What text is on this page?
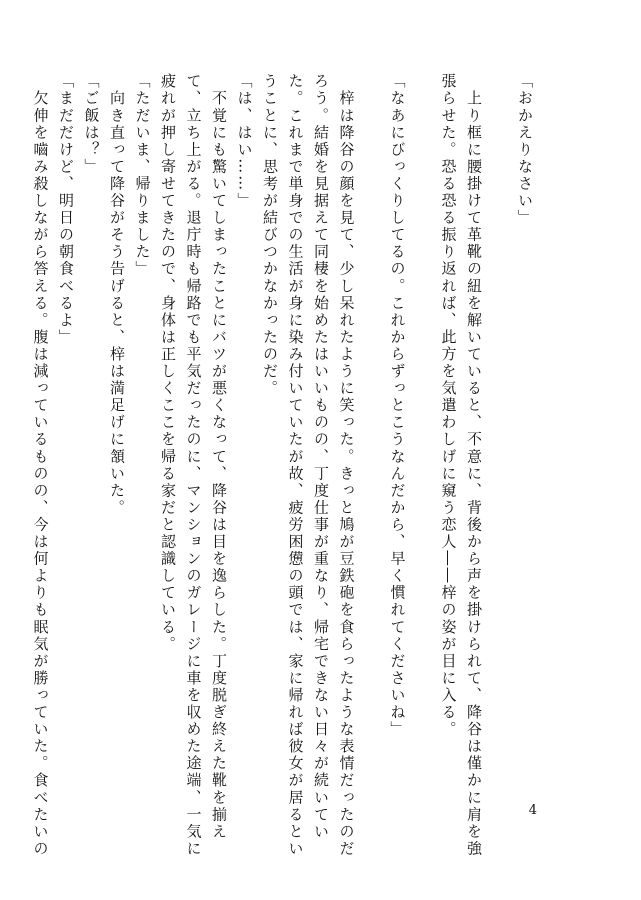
「おかえりなさい」
　上り框に腰掛けて革靴の紐を解いていると、不意に、背後から声を掛けられて、降谷は僅かに肩を強
張らせた。恐る恐る振り返れば、此方を気遣わしげに窺う恋人――梓の姿が目に入る。
「なあにびっくりしてるの。これからずっとこうなんだから、早く慣れてくださいね」
　梓は降谷の顔を見て、少し呆れたように笑った。きっと鳩が豆鉄砲を食らったような表情だったのだ
ろう。結婚を見据えて同棲を始めたはいいものの、丁度仕事が重なり、帰宅できない日々が続いてい
た。これまで単身での生活が身に染み付いていたが故、疲労困憊の頭では、家に帰れば彼女が居るとい
うことに、思考が結びつかなかったのだ。
「は、はい……」
　不覚にも驚いてしまったことにバツが悪くなって、降谷は目を逸らした。丁度脱ぎ終えた靴を揃え
て、立ち上がる。退庁時も帰路でも平気だったのに、マンションのガレージに車を収めた途端、一気に
疲れが押し寄せてきたので、身体は正しくここを帰る家だと認識している。
「ただいま、帰りました」
　向き直って降谷がそう告げると、梓は満足げに頷いた。
「ご飯は？」
「まだだけど、明日の朝食べるよ」
　欠伸を嚙み殺しながら答える。腹は減っているものの、今は何よりも眠気が勝っていた。食べたいの	4
